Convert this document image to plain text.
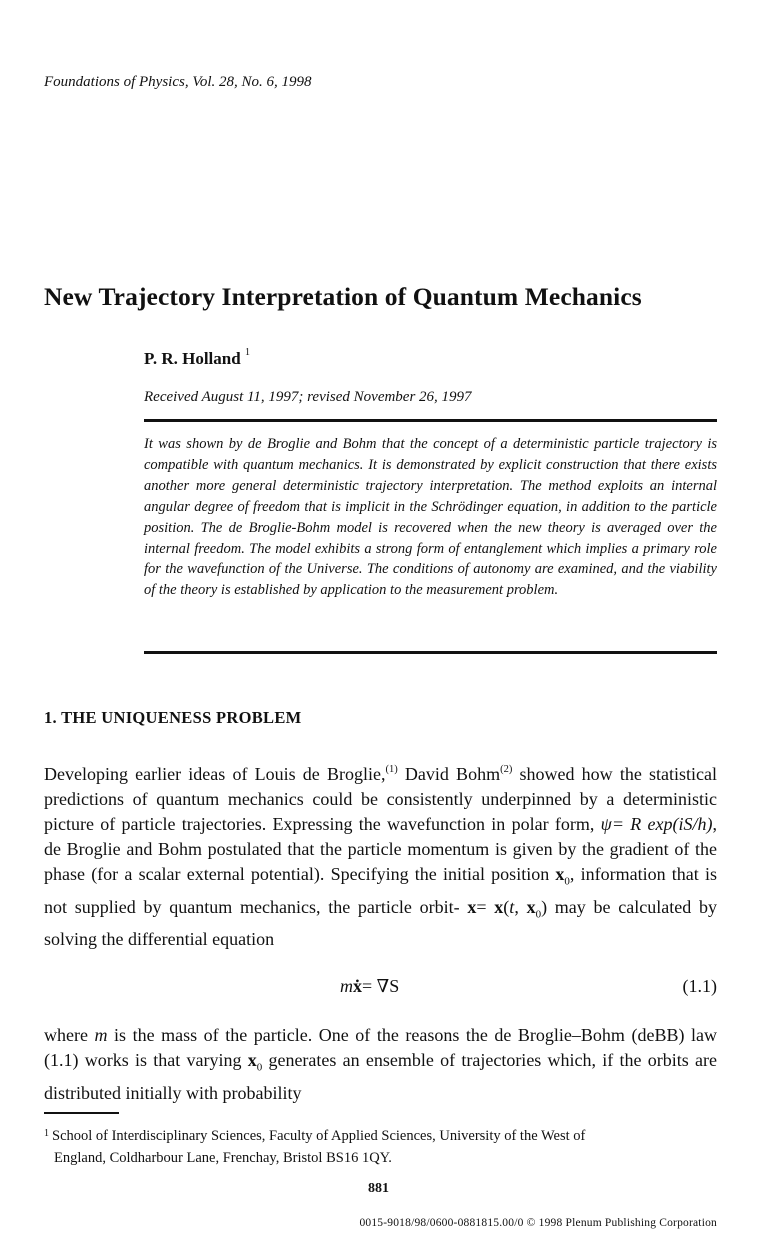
Foundations of Physics, Vol. 28, No. 6, 1998
New Trajectory Interpretation of Quantum Mechanics
P. R. Holland $^1$
Received August 11, 1997; revised November 26, 1997
It was shown by de Broglie and Bohm that the concept of a deterministic particle trajectory is compatible with quantum mechanics. It is demonstrated by explicit construction that there exists another more general deterministic trajectory interpretation. The method exploits an internal angular degree of freedom that is implicit in the Schrödinger equation, in addition to the particle position. The de Broglie-Bohm model is recovered when the new theory is averaged over the internal freedom. The model exhibits a strong form of entanglement which implies a primary role for the wavefunction of the Universe. The conditions of autonomy are examined, and the viability of the theory is established by application to the measurement problem.
1. THE UNIQUENESS PROBLEM

Developing earlier ideas of Louis de Broglie,$^{(1)}$ David Bohm$^{(2)}$ showed how the statistical predictions of quantum mechanics could be consistently underpinned by a deterministic picture of particle trajectories. Expressing the wavefunction in polar form, ψ= R exp(iS/h), de Broglie and Bohm postulated that the particle momentum is given by the gradient of the phase (for a scalar external potential). Specifying the initial position $x_0$, information that is not supplied by quantum mechanics, the particle orbit- x= x(t, $x_0$) may be calculated by solving the differential equation

mẋ= ∇S	(1.1)

where m is the mass of the particle. One of the reasons the de Broglie–Bohm (deBB) law (1.1) works is that varying $x_0$ generates an ensemble of trajectories which, if the orbits are distributed initially with probability

$^1$ School of Interdisciplinary Sciences, Faculty of Applied Sciences, University of the West of
England, Coldharbour Lane, Frenchay, Bristol BS16 1QY.
881
0015-9018/98/0600-0881815.00/0 © 1998 Plenum Publishing Corporation
